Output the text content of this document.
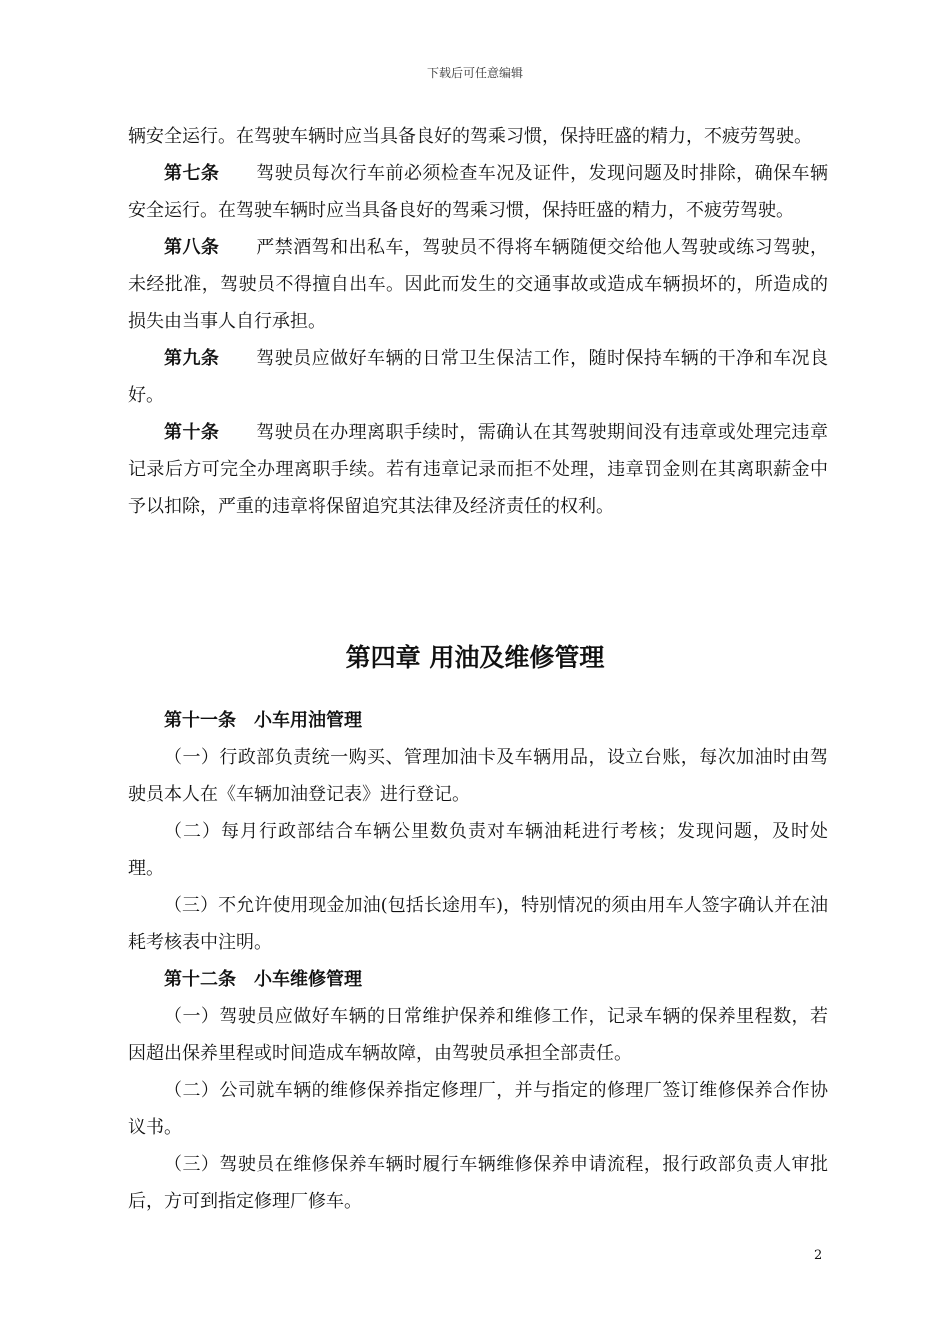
下载后可任意编辑

辆安全运行。在驾驶车辆时应当具备良好的驾乘习惯，保持旺盛的精力，不疲劳驾驶。

第七条　　 驾驶员每次行车前必须检查车况及证件，发现问题及时排除，确保车辆安全运行。在驾驶车辆时应当具备良好的驾乘习惯，保持旺盛的精力，不疲劳驾驶。

第八条　　 严禁酒驾和出私车，驾驶员不得将车辆随便交给他人驾驶或练习驾驶，未经批准，驾驶员不得擅自出车。因此而发生的交通事故或造成车辆损坏的，所造成的损失由当事人自行承担。

第九条　　 驾驶员应做好车辆的日常卫生保洁工作，随时保持车辆的干净和车况良好。

第十条　　 驾驶员在办理离职手续时，需确认在其驾驶期间没有违章或处理完违章记录后方可完全办理离职手续。若有违章记录而拒不处理，违章罚金则在其离职薪金中予以扣除，严重的违章将保留追究其法律及经济责任的权利。

第四章 用油及维修管理

第十一条　小车用油管理

（一）行政部负责统一购买、管理加油卡及车辆用品，设立台账，每次加油时由驾驶员本人在《车辆加油登记表》进行登记。

（二）每月行政部结合车辆公里数负责对车辆油耗进行考核；发现问题，及时处理。

（三）不允许使用现金加油(包括长途用车)，特别情况的须由用车人签字确认并在油耗考核表中注明。

第十二条　小车维修管理

（一）驾驶员应做好车辆的日常维护保养和维修工作，记录车辆的保养里程数，若因超出保养里程或时间造成车辆故障，由驾驶员承担全部责任。

（二）公司就车辆的维修保养指定修理厂，并与指定的修理厂签订维修保养合作协议书。

（三）驾驶员在维修保养车辆时履行车辆维修保养申请流程，报行政部负责人审批后，方可到指定修理厂修车。

2
